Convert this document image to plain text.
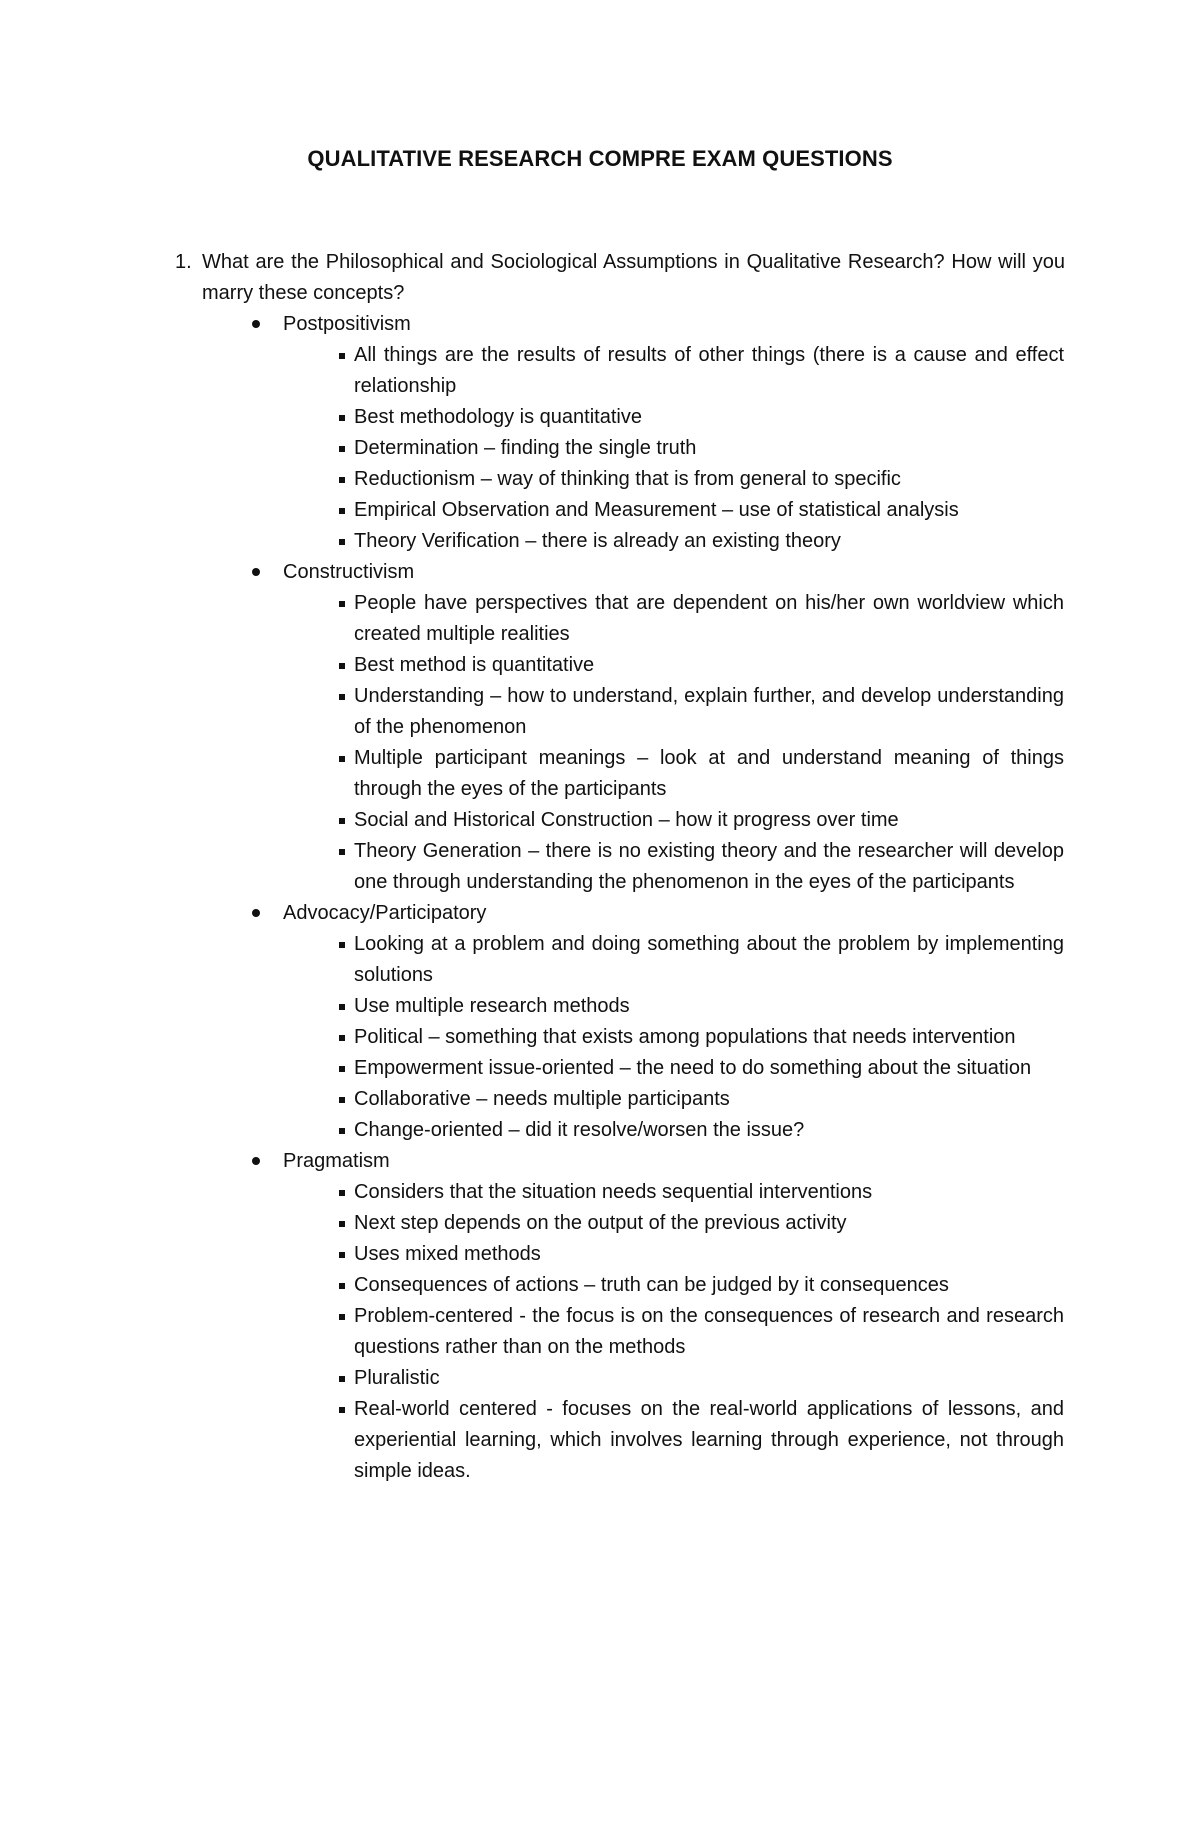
QUALITATIVE RESEARCH COMPRE EXAM QUESTIONS
1. What are the Philosophical and Sociological Assumptions in Qualitative Research? How will you marry these concepts?
Postpositivism
All things are the results of results of other things (there is a cause and effect relationship
Best methodology is quantitative
Determination – finding the single truth
Reductionism – way of thinking that is from general to specific
Empirical Observation and Measurement – use of statistical analysis
Theory Verification – there is already an existing theory
Constructivism
People have perspectives that are dependent on his/her own worldview which created multiple realities
Best method is quantitative
Understanding – how to understand, explain further, and develop understanding of the phenomenon
Multiple participant meanings – look at and understand meaning of things through the eyes of the participants
Social and Historical Construction – how it progress over time
Theory Generation – there is no existing theory and the researcher will develop one through understanding the phenomenon in the eyes of the participants
Advocacy/Participatory
Looking at a problem and doing something about the problem by implementing solutions
Use multiple research methods
Political – something that exists among populations that needs intervention
Empowerment issue-oriented – the need to do something about the situation
Collaborative – needs multiple participants
Change-oriented – did it resolve/worsen the issue?
Pragmatism
Considers that the situation needs sequential interventions
Next step depends on the output of the previous activity
Uses mixed methods
Consequences of actions – truth can be judged by it consequences
Problem-centered - the focus is on the consequences of research and research questions rather than on the methods
Pluralistic
Real-world centered - focuses on the real-world applications of lessons, and experiential learning, which involves learning through experience, not through simple ideas.
